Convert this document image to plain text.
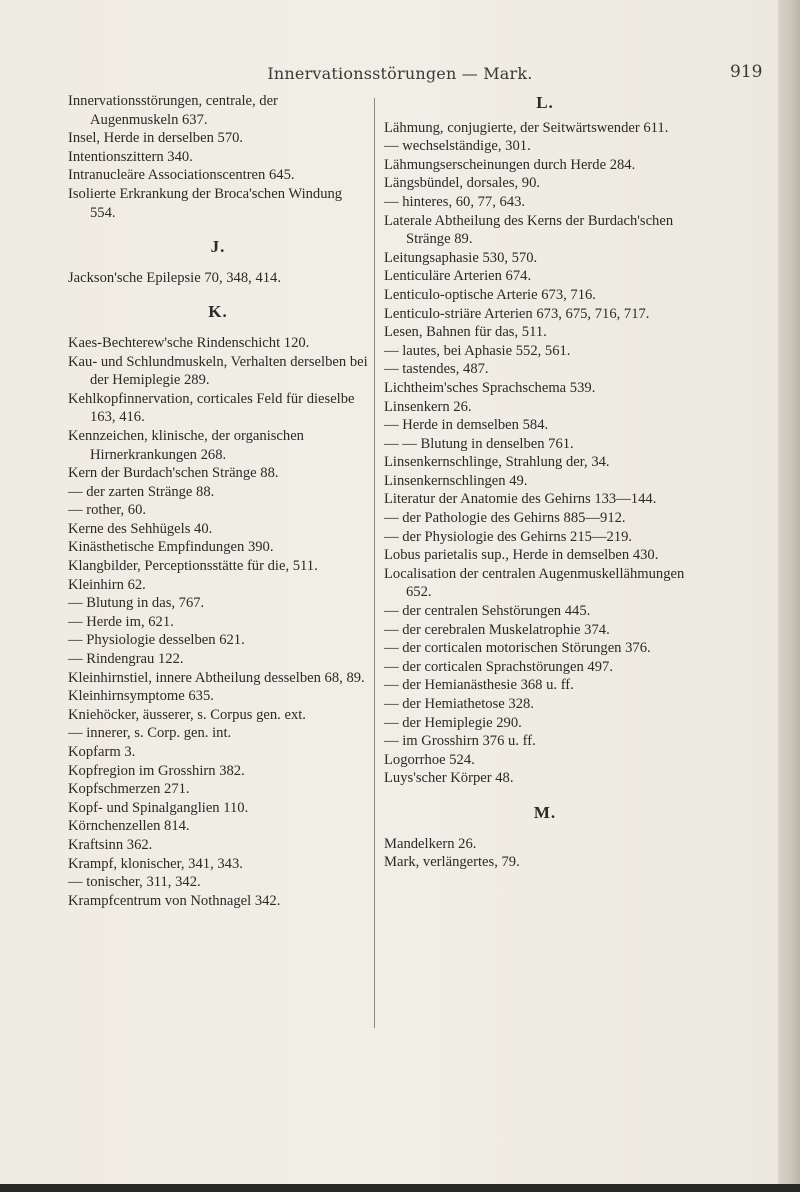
Innervationsstörungen — Mark.	919
Innervationsstörungen, centrale, der Augenmuskeln 637.
Insel, Herde in derselben 570.
Intentionszittern 340.
Intranucleäre Associationscentren 645.
Isolierte Erkrankung der Broca'schen Windung 554.
J.
Jackson'sche Epilepsie 70, 348, 414.
K.
Kaes-Bechterew'sche Rindenschicht 120.
Kau- und Schlundmuskeln, Verhalten derselben bei der Hemiplegie 289.
Kehlkopfinnervation, corticales Feld für dieselbe 163, 416.
Kennzeichen, klinische, der organischen Hirnerkrankungen 268.
Kern der Burdach'schen Stränge 88.
— der zarten Stränge 88.
— rother, 60.
Kerne des Sehhügels 40.
Kinästhetische Empfindungen 390.
Klangbilder, Perceptionsstätte für die, 511.
Kleinhirn 62.
— Blutung in das, 767.
— Herde im, 621.
— Physiologie desselben 621.
— Rindengrau 122.
Kleinhirnstiel, innere Abtheilung desselben 68, 89.
Kleinhirnsymptome 635.
Kniehöcker, äusserer, s. Corpus gen. ext.
— innerer, s. Corp. gen. int.
Kopfarm 3.
Kopfregion im Grosshirn 382.
Kopfschmerzen 271.
Kopf- und Spinalganglien 110.
Körnchenzellen 814.
Kraftsinn 362.
Krampf, klonischer, 341, 343.
— tonischer, 311, 342.
Krampfcentrum von Nothnagel 342.
L.
Lähmung, conjugierte, der Seitwärtswender 611.
— wechselständige, 301.
Lähmungserscheinungen durch Herde 284.
Längsbündel, dorsales, 90.
— hinteres, 60, 77, 643.
Laterale Abtheilung des Kerns der Burdach'schen Stränge 89.
Leitungsaphasie 530, 570.
Lenticuläre Arterien 674.
Lenticulo-optische Arterie 673, 716.
Lenticulo-striäre Arterien 673, 675, 716, 717.
Lesen, Bahnen für das, 511.
— lautes, bei Aphasie 552, 561.
— tastendes, 487.
Lichtheim'sches Sprachschema 539.
Linsenkern 26.
— Herde in demselben 584.
— — Blutung in denselben 761.
Linsenkernschlinge, Strahlung der, 34.
Linsenkernschlingen 49.
Literatur der Anatomie des Gehirns 133—144.
— der Pathologie des Gehirns 885—912.
— der Physiologie des Gehirns 215—219.
Lobus parietalis sup., Herde in demselben 430.
Localisation der centralen Augenmuskellähmungen 652.
— der centralen Sehstörungen 445.
— der cerebralen Muskelatrophie 374.
— der corticalen motorischen Störungen 376.
— der corticalen Sprachstörungen 497.
— der Hemianästhesie 368 u. ff.
— der Hemiathetose 328.
— der Hemiplegie 290.
— im Grosshirn 376 u. ff.
Logorrhoe 524.
Luys'scher Körper 48.
M.
Mandelkern 26.
Mark, verlängertes, 79.
